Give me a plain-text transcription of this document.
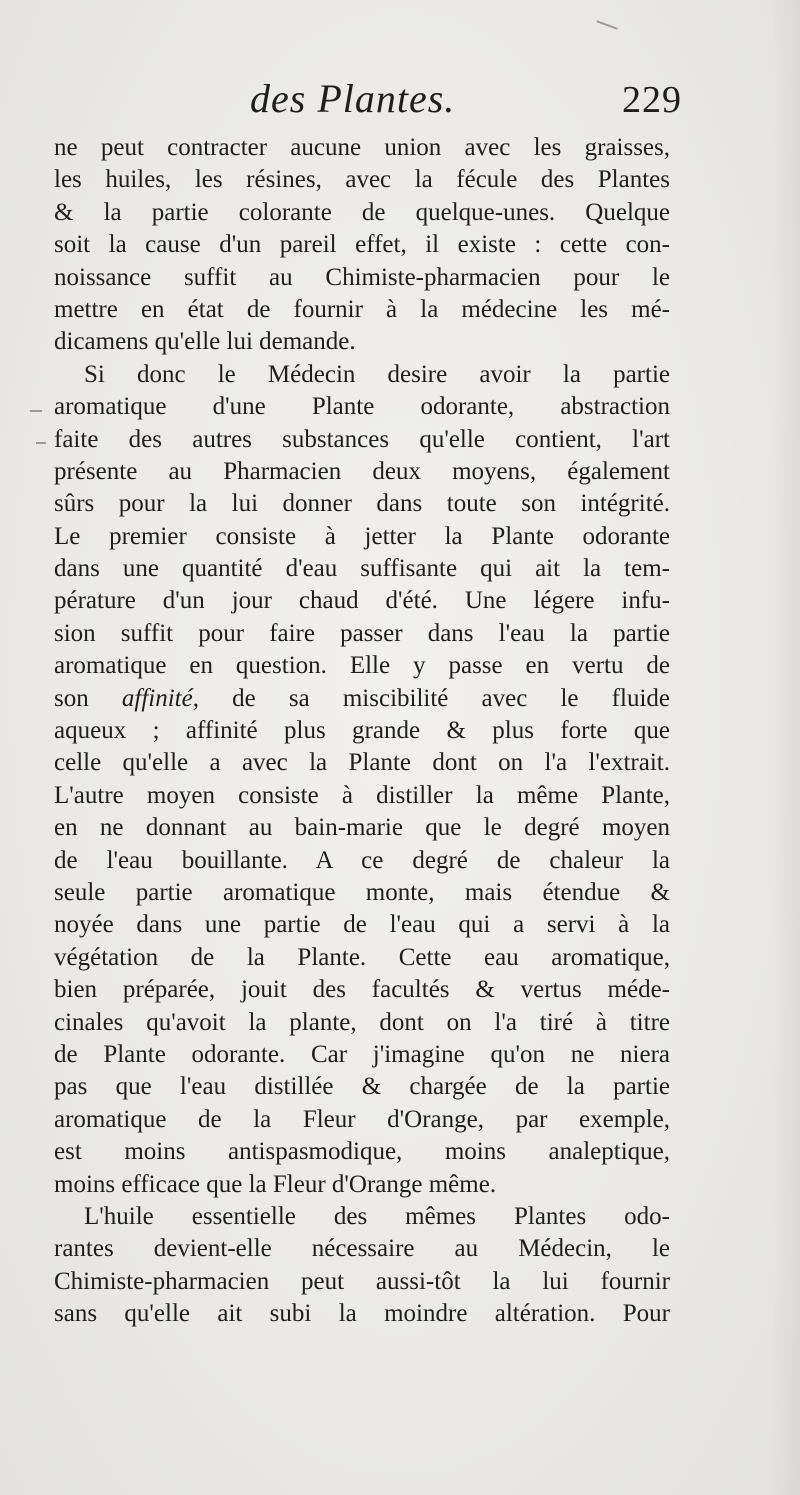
des Plantes.	229
ne peut contracter aucune union avec les graisses,
les huiles, les résines, avec la fécule des Plantes
& la partie colorante de quelque-unes. Quelque
soit la cause d'un pareil effet, il existe : cette con-
noissance suffit au Chimiste-pharmacien pour le
mettre en état de fournir à la médecine les mé-
dicamens qu'elle lui demande.
Si donc le Médecin desire avoir la partie
aromatique d'une Plante odorante, abstraction
faite des autres substances qu'elle contient, l'art
présente au Pharmacien deux moyens, également
sûrs pour la lui donner dans toute son intégrité.
Le premier consiste à jetter la Plante odorante
dans une quantité d'eau suffisante qui ait la tem-
pérature d'un jour chaud d'été. Une légere infu-
sion suffit pour faire passer dans l'eau la partie
aromatique en question. Elle y passe en vertu de
son affinité, de sa miscibilité avec le fluide
aqueux ; affinité plus grande & plus forte que
celle qu'elle a avec la Plante dont on l'a l'extrait.
L'autre moyen consiste à distiller la même Plante,
en ne donnant au bain-marie que le degré moyen
de l'eau bouillante. A ce degré de chaleur la
seule partie aromatique monte, mais étendue &
noyée dans une partie de l'eau qui a servi à la
végétation de la Plante. Cette eau aromatique,
bien préparée, jouit des facultés & vertus méde-
cinales qu'avoit la plante, dont on l'a tiré à titre
de Plante odorante. Car j'imagine qu'on ne niera
pas que l'eau distillée & chargée de la partie
aromatique de la Fleur d'Orange, par exemple,
est moins antispasmodique, moins analeptique,
moins efficace que la Fleur d'Orange même.
L'huile essentielle des mêmes Plantes odo-
rantes devient-elle nécessaire au Médecin, le
Chimiste-pharmacien peut aussi-tôt la lui fournir
sans qu'elle ait subi la moindre altération. Pour
